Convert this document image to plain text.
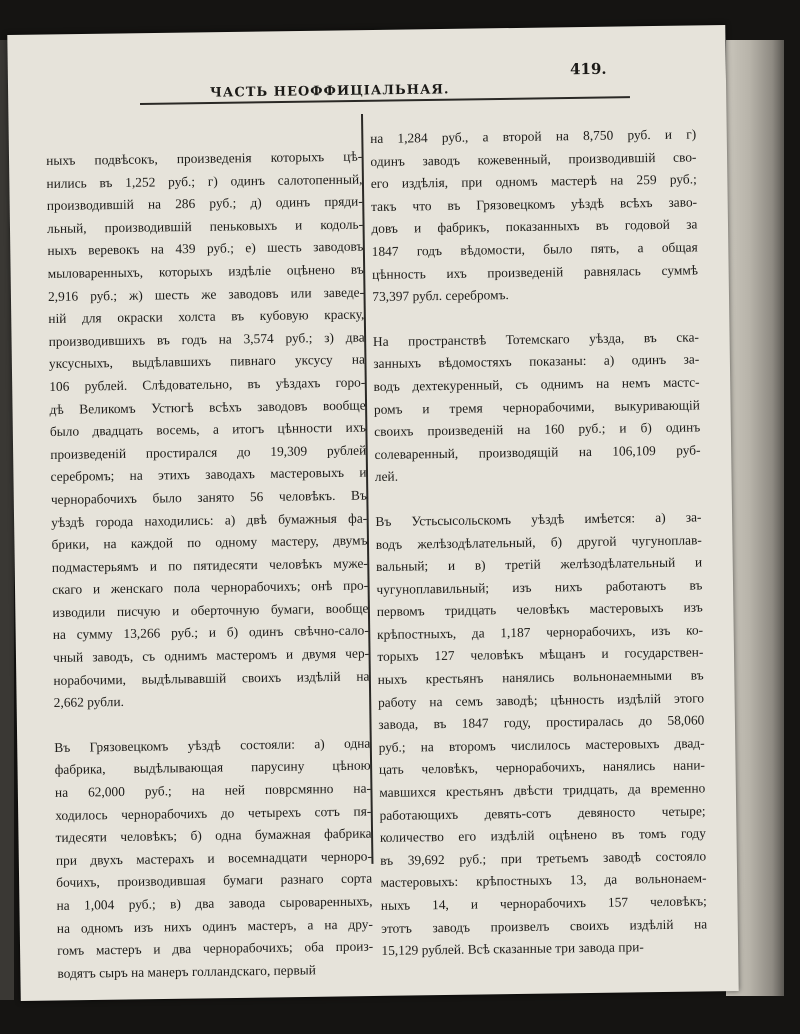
ЧАСТЬ НЕОФФИЦІАЛЬНАЯ.
419.
ныхъ подвѣсокъ, произведенія которыхъ цѣ-
нились въ 1,252 руб.; г) одинъ салотопенный,
производившій на 286 руб.; д) одинъ пряди-
льный, производившій пеньковыхъ и кодоль-
ныхъ веревокъ на 439 руб.; е) шесть заводовъ
мыловаренныхъ, которыхъ издѣліе оцѣнено въ
2,916 руб.; ж) шесть же заводовъ или заведе-
ній для окраски холста въ кубовую краску,
производившихъ въ годъ на 3,574 руб.; з) два
уксусныхъ, выдѣлавшихъ пивнаго уксусу на
106 рублей. Слѣдовательно, въ уѣздахъ горо-
дѣ Великомъ Устюгѣ всѣхъ заводовъ вообще
было двадцать восемь, а итогъ цѣнности ихъ
произведеній простирался до 19,309 рублей
серебромъ; на этихъ заводахъ мастеровыхъ и
чернорабочихъ было занято 56 человѣкъ. Въ
уѣздѣ города находились: а) двѣ бумажныя фа-
брики, на каждой по одному мастеру, двумъ
подмастерьямъ и по пятидесяти человѣкъ муже-
скаго и женскаго пола чернорабочихъ; онѣ про-
изводили писчую и оберточную бумаги, вообще
на сумму 13,266 руб.; и б) одинъ свѣчно-сало-
чный заводъ, съ однимъ мастеромъ и двумя чер-
норабочими, выдѣлывавшій своихъ издѣлій на
2,662 рубли.
Въ Грязовецкомъ уѣздѣ состояли: а) одна
фабрика, выдѣлывающая парусину цѣною
на 62,000 руб.; на ней поврсмянно на-
ходилось чернорабочихъ до четырехъ сотъ пя-
тидесяти человѣкъ; б) одна бумажная фабрика
при двухъ мастерахъ и восемнадцати черноро-
бочихъ, производившая бумаги разнаго сорта
на 1,004 руб.; в) два завода сыроваренныхъ,
на одномъ изъ нихъ одинъ мастеръ, а на дру-
гомъ мастеръ и два чернорабочихъ; оба произ-
водятъ сыръ на манеръ голландскаго, первый
на 1,284 руб., а второй на 8,750 руб. и г)
одинъ заводъ кожевенный, производившій сво-
его издѣлія, при одномъ мастерѣ на 259 руб.;
такъ что въ Грязовецкомъ уѣздѣ всѣхъ заво-
довъ и фабрикъ, показанныхъ въ годовой за
1847 годъ вѣдомости, было пять, а общая
цѣнность ихъ произведеній равнялась суммѣ
73,397 рубл. серебромъ.
На пространствѣ Тотемскаго уѣзда, въ ска-
занныхъ вѣдомостяхъ показаны: а) одинъ за-
водъ дехтекуренный, съ однимъ на немъ мастс-
ромъ и тремя чернорабочими, выкуривающій
своихъ произведеній на 160 руб.; и б) одинъ
солеваренный, производящій на 106,109 руб-
лей.
Въ Устьсысольскомъ уѣздѣ имѣется: а) за-
водъ желѣзодѣлательный, б) другой чугуноплав-
вальный; и в) третій желѣзодѣлательный и
чугуноплавильный; изъ нихъ работаютъ въ
первомъ тридцать человѣкъ мастеровыхъ изъ
крѣпостныхъ, да 1,187 чернорабочихъ, изъ ко-
торыхъ 127 человѣкъ мѣщанъ и государствен-
ныхъ крестьянъ нанялись вольнонаемными въ
работу на семъ заводѣ; цѣнность издѣлій этого
завода, въ 1847 году, простиралась до 58,060
руб.; на второмъ числилось мастеровыхъ двад-
цать человѣкъ, чернорабочихъ, нанялись нани-
мавшихся крестьянъ двѣсти тридцать, да временно
работающихъ девять-сотъ девяносто четыре;
количество его издѣлій оцѣнено въ томъ году
въ 39,692 руб.; при третьемъ заводѣ состояло
мастеровыхъ: крѣпостныхъ 13, да вольнонаем-
ныхъ 14, и чернорабочихъ 157 человѣкъ;
этотъ заводъ произвелъ своихъ издѣлій на
15,129 рублей. Всѣ сказанные три завода при-
